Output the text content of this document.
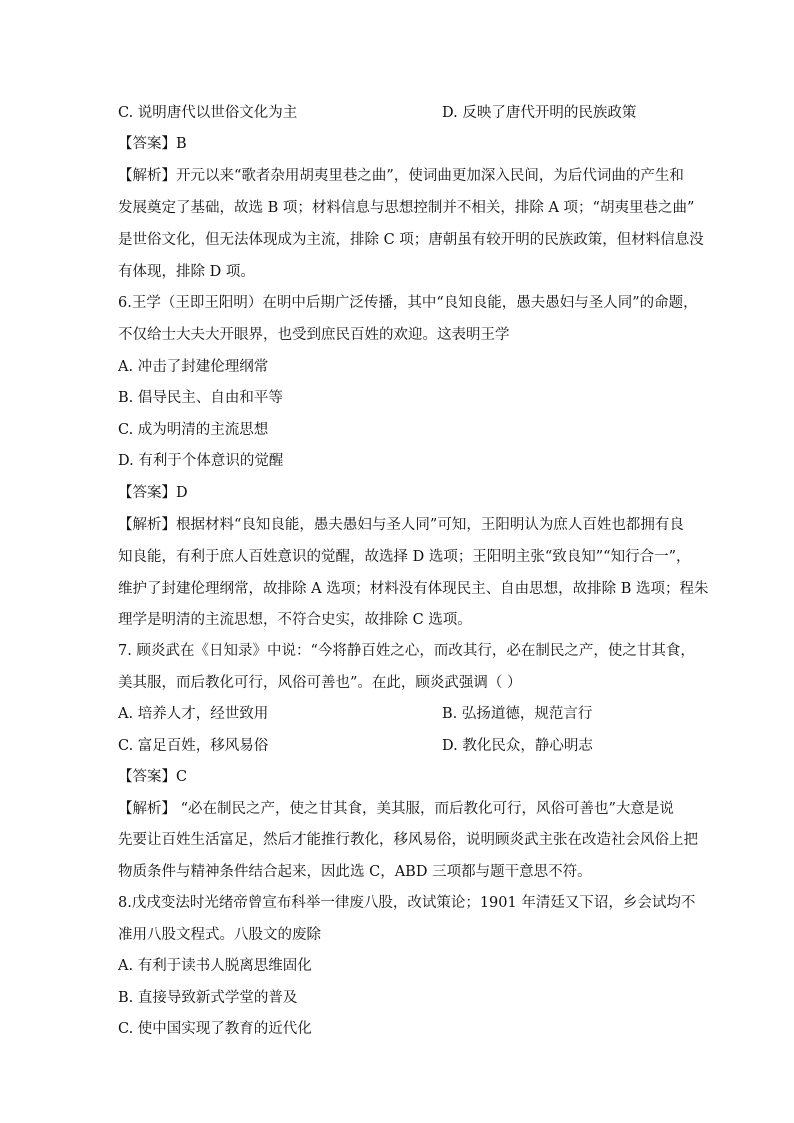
C. 说明唐代以世俗文化为主	D. 反映了唐代开明的民族政策
【答案】B
【解析】开元以来“歌者杂用胡夷里巷之曲”，使词曲更加深入民间，为后代词曲的产生和
发展奠定了基础，故选 B 项；材料信息与思想控制并不相关，排除 A 项；“胡夷里巷之曲”
是世俗文化，但无法体现成为主流，排除 C 项；唐朝虽有较开明的民族政策，但材料信息没
有体现，排除 D 项。
6.王学（王即王阳明）在明中后期广泛传播，其中“良知良能，愚夫愚妇与圣人同”的命题，
不仅给士大夫大开眼界，也受到庶民百姓的欢迎。这表明王学
A. 冲击了封建伦理纲常
B. 倡导民主、自由和平等
C. 成为明清的主流思想
D. 有利于个体意识的觉醒
【答案】D
【解析】根据材料“良知良能，愚夫愚妇与圣人同”可知，王阳明认为庶人百姓也都拥有良
知良能，有利于庶人百姓意识的觉醒，故选择 D 选项；王阳明主张“致良知”“知行合一”，
维护了封建伦理纲常，故排除 A 选项；材料没有体现民主、自由思想，故排除 B 选项；程朱
理学是明清的主流思想，不符合史实，故排除 C 选项。
7. 顾炎武在《日知录》中说：“今将静百姓之心，而改其行，必在制民之产，使之甘其食，
美其服，而后教化可行，风俗可善也”。在此，顾炎武强调（ ）
A. 培养人才，经世致用	B. 弘扬道德，规范言行
C. 富足百姓，移风易俗	D. 教化民众，静心明志
【答案】C
【解析】 “必在制民之产，使之甘其食，美其服，而后教化可行，风俗可善也”大意是说
先要让百姓生活富足，然后才能推行教化，移风易俗，说明顾炎武主张在改造社会风俗上把
物质条件与精神条件结合起来，因此选 C，ABD 三项都与题干意思不符。
8.戊戌变法时光绪帝曾宣布科举一律废八股，改试策论；1901 年清廷又下诏，乡会试均不
准用八股文程式。八股文的废除
A. 有利于读书人脱离思维固化
B. 直接导致新式学堂的普及
C. 使中国实现了教育的近代化
